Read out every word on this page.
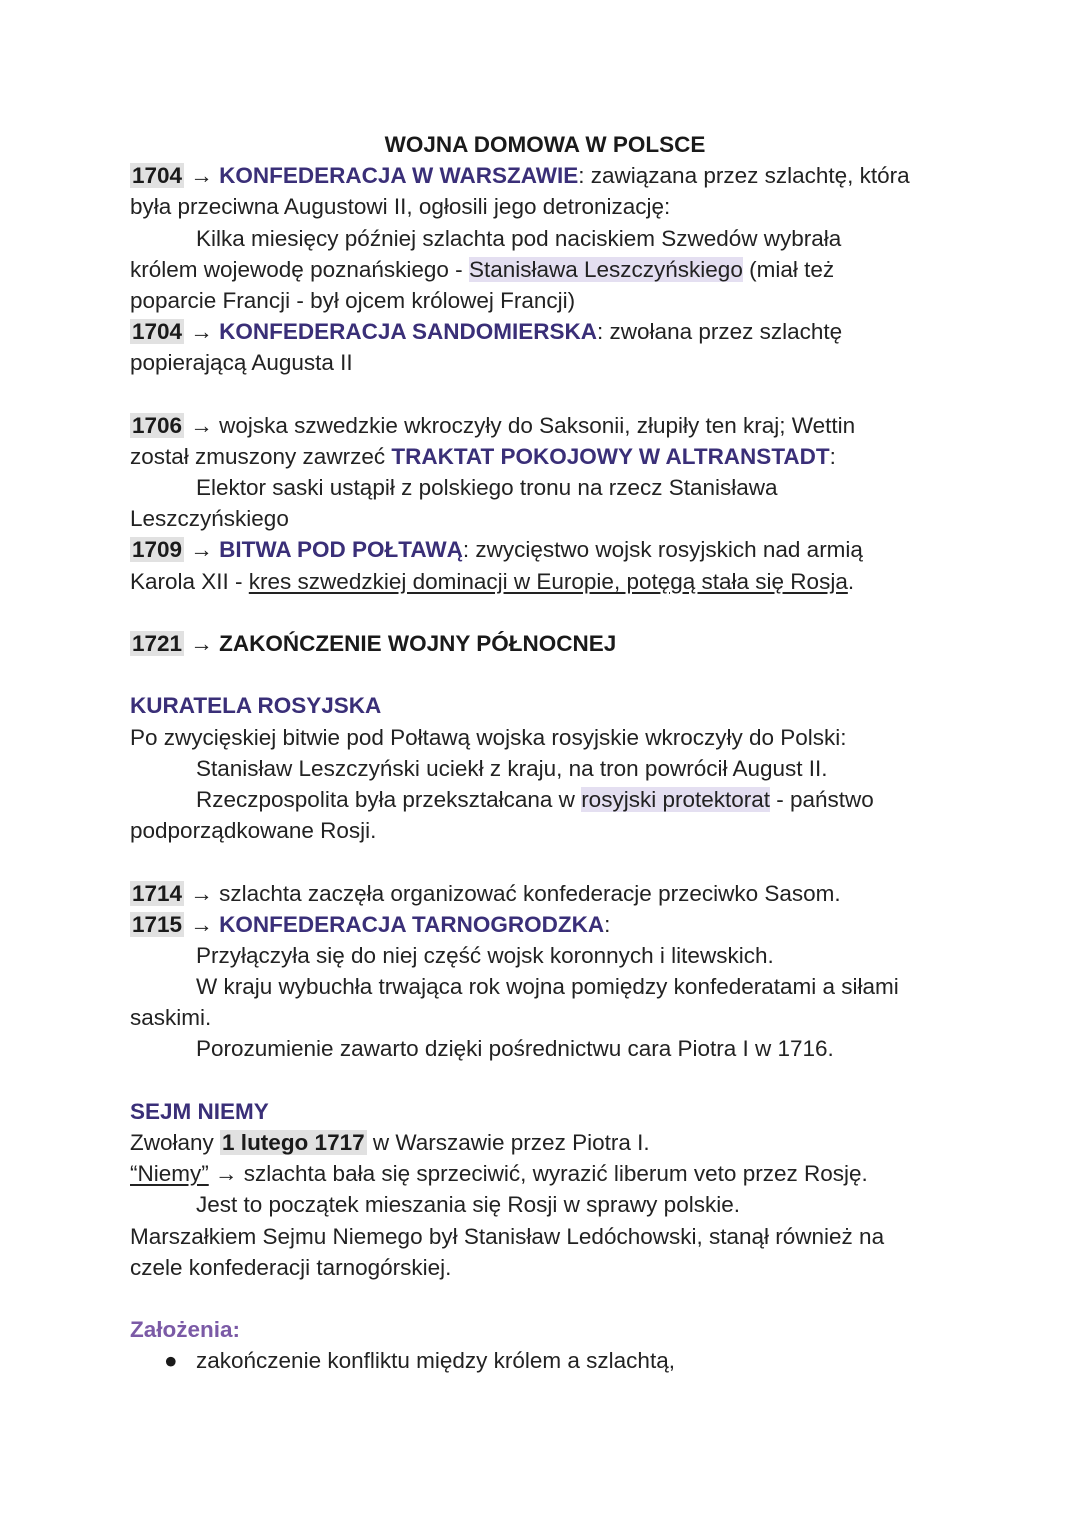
WOJNA DOMOWA W POLSCE
1704 → KONFEDERACJA W WARSZAWIE: zawiązana przez szlachtę, która
była przeciwna Augustowi II, ogłosili jego detronizację:
Kilka miesięcy później szlachta pod naciskiem Szwedów wybrała
królem wojewodę poznańskiego - Stanisława Leszczyńskiego (miał też
poparcie Francji - był ojcem królowej Francji)
1704 → KONFEDERACJA SANDOMIERSKA: zwołana przez szlachtę
popierającą Augusta II
1706 → wojska szwedzkie wkroczyły do Saksonii, złupiły ten kraj; Wettin
został zmuszony zawrzeć TRAKTAT POKOJOWY W ALTRANSTADT:
Elektor saski ustąpił z polskiego tronu na rzecz Stanisława
Leszczyńskiego
1709 → BITWA POD POŁTAWĄ: zwycięstwo wojsk rosyjskich nad armią
Karola XII - kres szwedzkiej dominacji w Europie, potęgą stała się Rosja.
1721 → ZAKOŃCZENIE WOJNY PÓŁNOCNEJ
KURATELA ROSYJSKA
Po zwycięskiej bitwie pod Połtawą wojska rosyjskie wkroczyły do Polski:
Stanisław Leszczyński uciekł z kraju, na tron powrócił August II.
Rzeczpospolita była przekształcana w rosyjski protektorat - państwo
podporządkowane Rosji.
1714 → szlachta zaczęła organizować konfederacje przeciwko Sasom.
1715 → KONFEDERACJA TARNOGRODZKA:
Przyłączyła się do niej część wojsk koronnych i litewskich.
W kraju wybuchła trwająca rok wojna pomiędzy konfederatami a siłami
saskimi.
Porozumienie zawarto dzięki pośrednictwu cara Piotra I w 1716.
SEJM NIEMY
Zwołany 1 lutego 1717 w Warszawie przez Piotra I.
“Niemy” → szlachta bała się sprzeciwić, wyrazić liberum veto przez Rosję.
Jest to początek mieszania się Rosji w sprawy polskie.
Marszałkiem Sejmu Niemego był Stanisław Ledóchowski, stanął również na
czele konfederacji tarnogórskiej.
Założenia:
● zakończenie konfliktu między królem a szlachtą,
